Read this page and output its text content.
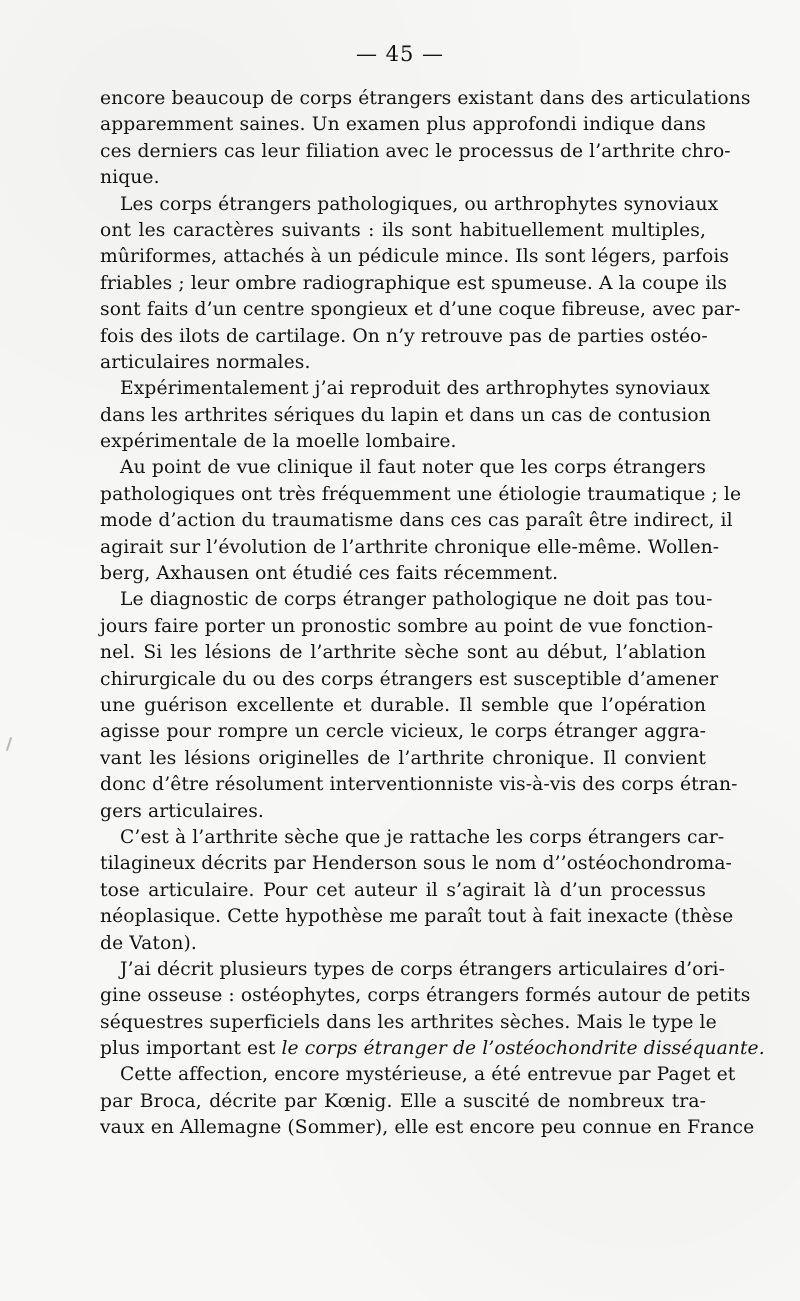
— 45 —
encore beaucoup de corps étrangers existant dans des articulations
apparemment saines. Un examen plus approfondi indique dans
ces derniers cas leur filiation avec le processus de l’arthrite chro-
nique.
Les corps étrangers pathologiques, ou arthrophytes synoviaux
ont les caractères suivants : ils sont habituellement multiples,
mûriformes, attachés à un pédicule mince. Ils sont légers, parfois
friables ; leur ombre radiographique est spumeuse. A la coupe ils
sont faits d’un centre spongieux et d’une coque fibreuse, avec par-
fois des ilots de cartilage. On n’y retrouve pas de parties ostéo-
articulaires normales.
Expérimentalement j’ai reproduit des arthrophytes synoviaux
dans les arthrites sériques du lapin et dans un cas de contusion
expérimentale de la moelle lombaire.
Au point de vue clinique il faut noter que les corps étrangers
pathologiques ont très fréquemment une étiologie traumatique ; le
mode d’action du traumatisme dans ces cas paraît être indirect, il
agirait sur l’évolution de l’arthrite chronique elle-même. Wollen-
berg, Axhausen ont étudié ces faits récemment.
Le diagnostic de corps étranger pathologique ne doit pas tou-
jours faire porter un pronostic sombre au point de vue fonction-
nel. Si les lésions de l’arthrite sèche sont au début, l’ablation
chirurgicale du ou des corps étrangers est susceptible d’amener
une guérison excellente et durable. Il semble que l’opération
agisse pour rompre un cercle vicieux, le corps étranger aggra-
vant les lésions originelles de l’arthrite chronique. Il convient
donc d’être résolument interventionniste vis-à-vis des corps étran-
gers articulaires.
C’est à l’arthrite sèche que je rattache les corps étrangers car-
tilagineux décrits par Henderson sous le nom d’’ostéochondroma-
tose articulaire. Pour cet auteur il s’agirait là d’un processus
néoplasique. Cette hypothèse me paraît tout à fait inexacte (thèse
de Vaton).
J’ai décrit plusieurs types de corps étrangers articulaires d’ori-
gine osseuse : ostéophytes, corps étrangers formés autour de petits
séquestres superficiels dans les arthrites sèches. Mais le type le
plus important est le corps étranger de l’ostéochondrite disséquante.
Cette affection, encore mystérieuse, a été entrevue par Paget et
par Broca, décrite par Kœnig. Elle a suscité de nombreux tra-
vaux en Allemagne (Sommer), elle est encore peu connue en France
